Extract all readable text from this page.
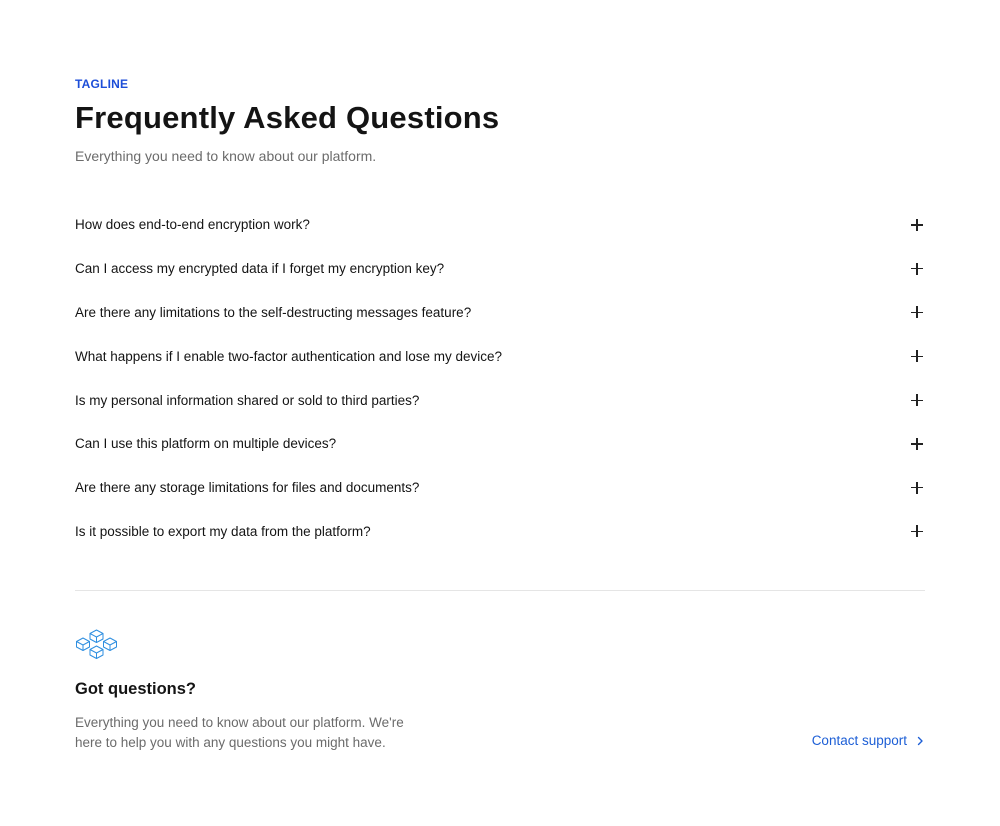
TAGLINE
Frequently Asked Questions

Everything you need to know about our platform.

How does end-to-end encryption work?
Can I access my encrypted data if I forget my encryption key?
Are there any limitations to the self-destructing messages feature?
What happens if I enable two-factor authentication and lose my device?
Is my personal information shared or sold to third parties?
Can I use this platform on multiple devices?
Are there any storage limitations for files and documents?
Is it possible to export my data from the platform?
Got questions?

Everything you need to know about our platform. We're here to help you with any questions you might have.	Contact support
